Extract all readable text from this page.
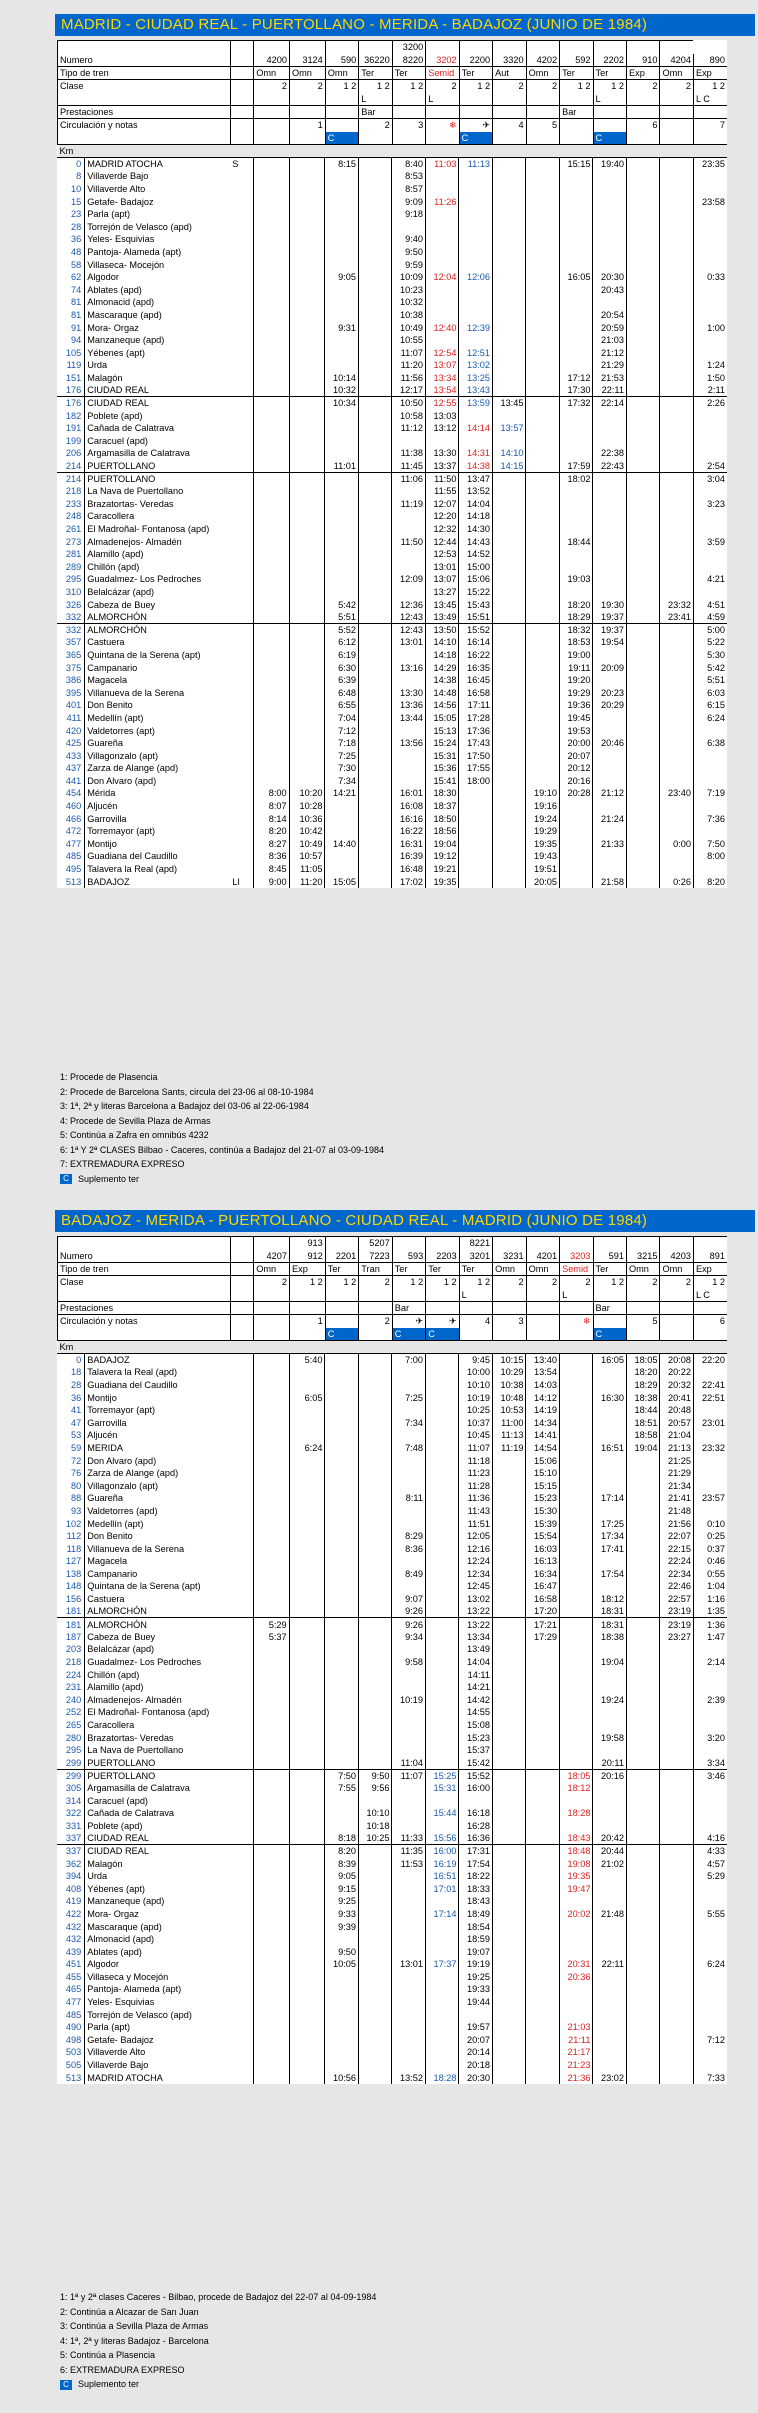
MADRID - CIUDAD REAL - PUERTOLLANO - MERIDA - BADAJOZ (JUNIO DE 1984)
							3200									
Numero			4200	3124	590	36220	8220	3202	2200	3320	4202	592	2202	910	4204	890
Tipo de tren			Omn	Omn	Omn	Ter	Ter	Semid	Ter	Aut	Omn	Ter	Ter	Exp	Omn	Exp
Clase			2	2	1 2	1 2	1 2	2	1 2	2	2	1 2	1 2	2	2	1 2
						L		L					L			L C
Prestaciones						Bar						Bar				
Circulación y notas				1		2	3	❄	✈	4	5			6		7
					C				C				C			
Km																
0	MADRID ATOCHA	S			8:15		8:40	11:03	11:13			15:15	19:40			23:35
8	Villaverde Bajo						8:53									
10	Villaverde Alto						8:57									
15	Getafe- Badajoz						9:09	11:26								23:58
23	Parla (apt)						9:18									
28	Torrejón de Velasco (apd)															
36	Yeles- Esquivias						9:40									
48	Pantoja- Alameda (apt)						9:50									
58	Villaseca- Mocejón						9:59									
62	Algodor				9:05		10:09	12:04	12:06			16:05	20:30			0:33
74	Ablates (apd)						10:23						20:43			
81	Almonacid (apd)						10:32									
81	Mascaraque (apd)						10:38						20:54			
91	Mora- Orgaz				9:31		10:49	12:40	12:39				20:59			1:00
94	Manzaneque (apd)						10:55						21:03			
105	Yébenes (apt)						11:07	12:54	12:51				21:12			
119	Urda						11:20	13:07	13:02				21:29			1:24
151	Malagón				10:14		11:56	13:34	13:25			17:12	21:53			1:50
176	CIUDAD REAL				10:32		12:17	13:54	13:43			17:30	22:11			2:11
176	CIUDAD REAL				10:34		10:50	12:55	13:59	13:45		17:32	22:14			2:26
182	Poblete (apd)						10:58	13:03								
191	Cañada de Calatrava						11:12	13:12	14:14	13:57						
199	Caracuel (apd)															
206	Argamasilla de Calatrava						11:38	13:30	14:31	14:10			22:38			
214	PUERTOLLANO				11:01		11:45	13:37	14:38	14:15		17:59	22:43			2:54
214	PUERTOLLANO						11:06	11:50	13:47			18:02				3:04
218	La Nava de Puertollano							11:55	13:52							
233	Brazatortas- Veredas						11:19	12:07	14:04							3:23
248	Caracollera							12:20	14:18							
261	El Madroñal- Fontanosa (apd)							12:32	14:30							
273	Almadenejos- Almadén						11:50	12:44	14:43			18:44				3:59
281	Alamillo (apd)							12:53	14:52							
289	Chillón (apd)							13:01	15:00							
295	Guadalmez- Los Pedroches						12:09	13:07	15:06			19:03				4:21
310	Belalcázar (apd)							13:27	15:22							
326	Cabeza de Buey				5:42		12:36	13:45	15:43			18:20	19:30		23:32	4:51
332	ALMORCHÓN				5:51		12:43	13:49	15:51			18:29	19:37		23:41	4:59
332	ALMORCHÓN				5:52		12:43	13:50	15:52			18:32	19:37			5:00
357	Castuera				6:12		13:01	14:10	16:14			18:53	19:54			5:22
365	Quintana de la Serena (apt)				6:19			14:18	16:22			19:00				5:30
375	Campanario				6:30		13:16	14:29	16:35			19:11	20:09			5:42
386	Magacela				6:39			14:38	16:45			19:20				5:51
395	Villanueva de la Serena				6:48		13:30	14:48	16:58			19:29	20:23			6:03
401	Don Benito				6:55		13:36	14:56	17:11			19:36	20:29			6:15
411	Medellín (apt)				7:04		13:44	15:05	17:28			19:45				6:24
420	Valdetorres (apt)				7:12			15:13	17:36			19:53				
425	Guareña				7:18		13:56	15:24	17:43			20:00	20:46			6:38
433	Villagonzalo (apt)				7:25			15:31	17:50			20:07				
437	Zarza de Alange (apd)				7:30			15:36	17:55			20:12				
441	Don Alvaro (apd)				7:34			15:41	18:00			20:16				
454	Mérida		8:00	10:20	14:21		16:01	18:30			19:10	20:28	21:12		23:40	7:19
460	Aljucén		8:07	10:28			16:08	18:37			19:16					
466	Garrovilla		8:14	10:36			16:16	18:50			19:24		21:24			7:36
472	Torremayor (apt)		8:20	10:42			16:22	18:56			19:29					
477	Montijo		8:27	10:49	14:40		16:31	19:04			19:35		21:33		0:00	7:50
485	Guadiana del Caudillo		8:36	10:57			16:39	19:12			19:43					8:00
495	Talavera la Real (apd)		8:45	11:05			16:48	19:21			19:51					
513	BADAJOZ	LI	9:00	11:20	15:05		17:02	19:35			20:05		21:58		0:26	8:20
1: Procede de Plasencia
2: Procede de Barcelona Sants, circula del 23-06 al 08-10-1984
3: 1ª, 2ª y literas Barcelona a Badajoz del 03-06 al 22-06-1984
4: Procede de Sevilla Plaza de Armas
5: Continúa a Zafra en omnibús 4232
6: 1ª Y 2ª CLASES Bilbao - Caceres, continúa a Badajoz del 21-07 al 03-09-1984
7: EXTREMADURA EXPRESO
C Suplemento ter
BADAJOZ - MERIDA - PUERTOLLANO - CIUDAD REAL - MADRID (JUNIO DE 1984)
				913		5207			8221							
Numero			4207	912	2201	7223	593	2203	3201	3231	4201	3203	591	3215	4203	891
Tipo de tren			Omn	Exp	Ter	Tran	Ter	Ter	Ter	Omn	Omn	Semid	Ter	Omn	Omn	Exp
Clase			2	1 2	1 2	2	1 2	1 2	1 2	2	2	2	1 2	2	2	1 2
									L			L				L C
Prestaciones							Bar						Bar			
Circulación y notas				1		2	✈	✈	4	3		❄		5		6
					C		C	C					C			
Km																
0	BADAJOZ			5:40			7:00		9:45	10:15	13:40		16:05	18:05	20:08	22:20
18	Talavera la Real (apd)								10:00	10:29	13:54			18:20	20:22	
28	Guadiana del Caudillo								10:10	10:38	14:03			18:29	20:32	22:41
36	Montijo			6:05			7:25		10:19	10:48	14:12		16:30	18:38	20:41	22:51
41	Torremayor (apt)								10:25	10:53	14:19			18:44	20:48	
47	Garrovilla						7:34		10:37	11:00	14:34			18:51	20:57	23:01
53	Aljucén								10:45	11:13	14:41			18:58	21:04	
59	MERIDA			6:24			7:48		11:07	11:19	14:54		16:51	19:04	21:13	23:32
72	Don Alvaro (apd)								11:18		15:06				21:25	
76	Zarza de Alange (apd)								11:23		15:10				21:29	
80	Villagonzalo (apt)								11:28		15:15				21:34	
88	Guareña						8:11		11:36		15:23		17:14		21:41	23:57
93	Valdetorres (apd)								11:43		15:30				21:48	
102	Medellín (apt)								11:51		15:39		17:25		21:56	0:10
112	Don Benito						8:29		12:05		15:54		17:34		22:07	0:25
118	Villanueva de la Serena						8:36		12:16		16:03		17:41		22:15	0:37
127	Magacela								12:24		16:13				22:24	0:46
138	Campanario						8:49		12:34		16:34		17:54		22:34	0:55
148	Quintana de la Serena (apt)								12:45		16:47				22:46	1:04
156	Castuera						9:07		13:02		16:58		18:12		22:57	1:16
181	ALMORCHÓN						9:26		13:22		17:20		18:31		23:19	1:35
181	ALMORCHÓN		5:29				9:26		13:22		17:21		18:31		23:19	1:36
187	Cabeza de Buey		5:37				9:34		13:34		17:29		18:38		23:27	1:47
203	Belalcázar (apd)								13:49							
218	Guadalmez- Los Pedroches						9:58		14:04				19:04			2:14
224	Chillón (apd)								14:11							
231	Alamillo (apd)								14:21							
240	Almadenejos- Almadén						10:19		14:42				19:24			2:39
252	El Madroñal- Fontanosa (apd)								14:55							
265	Caracollera								15:08							
280	Brazatortas- Veredas								15:23				19:58			3:20
295	La Nava de Puertollano								15:37							
299	PUERTOLLANO						11:04		15:42				20:11			3:34
299	PUERTOLLANO				7:50	9:50	11:07	15:25	15:52			18:05	20:16			3:46
305	Argamasilla de Calatrava				7:55	9:56		15:31	16:00			18:12				
314	Caracuel (apd)															
322	Cañada de Calatrava					10:10		15:44	16:18			18:28				
331	Poblete (apd)					10:18			16:28							
337	CIUDAD REAL				8:18	10:25	11:33	15:56	16:36			18:43	20:42			4:16
337	CIUDAD REAL				8:20		11:35	16:00	17:31			18:48	20:44			4:33
362	Malagón				8:39		11:53	16:19	17:54			19:08	21:02			4:57
394	Urda				9:05			16:51	18:22			19:35				5:29
408	Yébenes (apt)				9:15			17:01	18:33			19:47				
419	Manzaneque (apd)				9:25				18:43							
422	Mora- Orgaz				9:33			17:14	18:49			20:02	21:48			5:55
432	Mascaraque (apd)				9:39				18:54							
432	Almonacid (apd)								18:59							
439	Ablates (apd)				9:50				19:07							
451	Algodor				10:05		13:01	17:37	19:19			20:31	22:11			6:24
455	Villaseca y Mocejón								19:25			20:36				
465	Pantoja- Alameda (apt)								19:33							
477	Yeles- Esquivias								19:44							
485	Torrejón de Velasco (apd)															
490	Parla (apt)								19:57			21:03				
498	Getafe- Badajoz								20:07			21:11				7:12
503	Villaverde Alto								20:14			21:17				
505	Villaverde Bajo								20:18			21:23				
513	MADRID ATOCHA				10:56		13:52	18:28	20:30			21:36	23:02			7:33
1: 1ª y 2ª clases Caceres - Bilbao, procede de Badajoz del 22-07 al 04-09-1984
2: Continúa a Alcazar de San Juan
3: Continúa a Sevilla Plaza de Armas
4: 1ª, 2ª y literas Badajoz - Barcelona
5: Continúa a Plasencia
6: EXTREMADURA EXPRESO
C Suplemento ter
